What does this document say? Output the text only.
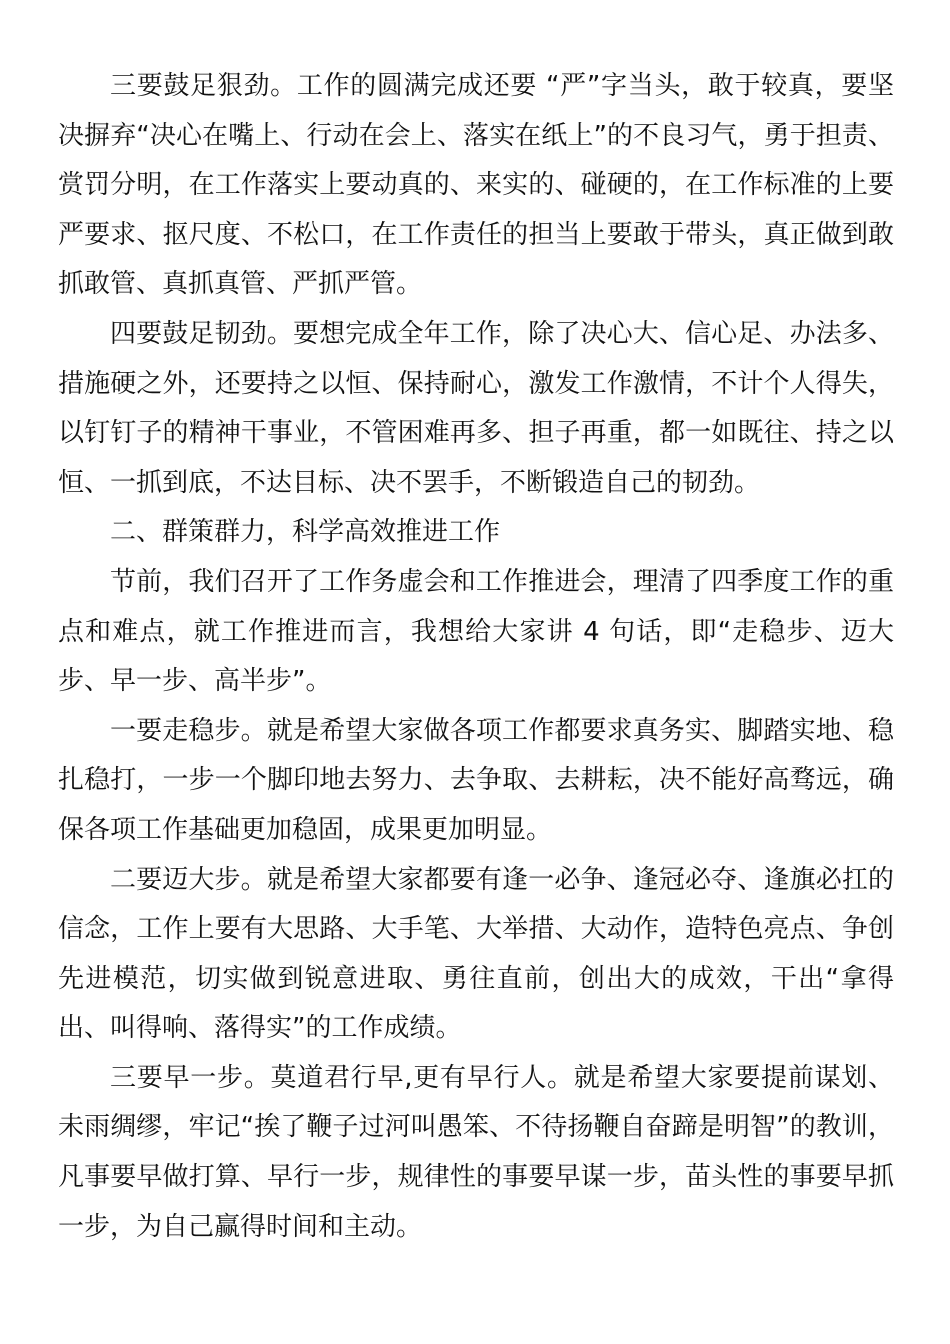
三要鼓足狠劲。工作的圆满完成还要 “严”字当头，敢于较真，要坚决摒弃“决心在嘴上、行动在会上、落实在纸上”的不良习气，勇于担责、赏罚分明，在工作落实上要动真的、来实的、碰硬的，在工作标准的上要严要求、抠尺度、不松口，在工作责任的担当上要敢于带头，真正做到敢抓敢管、真抓真管、严抓严管。

四要鼓足韧劲。要想完成全年工作，除了决心大、信心足、办法多、措施硬之外，还要持之以恒、保持耐心，激发工作激情，不计个人得失，以钉钉子的精神干事业，不管困难再多、担子再重，都一如既往、持之以恒、一抓到底，不达目标、决不罢手，不断锻造自己的韧劲。

二、群策群力，科学高效推进工作

节前，我们召开了工作务虚会和工作推进会，理清了四季度工作的重点和难点，就工作推进而言，我想给大家讲 4 句话，即“走稳步、迈大步、早一步、高半步”。

一要走稳步。就是希望大家做各项工作都要求真务实、脚踏实地、稳扎稳打，一步一个脚印地去努力、去争取、去耕耘，决不能好高骛远，确保各项工作基础更加稳固，成果更加明显。

二要迈大步。就是希望大家都要有逢一必争、逢冠必夺、逢旗必扛的信念，工作上要有大思路、大手笔、大举措、大动作，造特色亮点、争创先进模范，切实做到锐意进取、勇往直前，创出大的成效，干出“拿得出、叫得响、落得实”的工作成绩。

三要早一步。莫道君行早,更有早行人。就是希望大家要提前谋划、未雨绸缪，牢记“挨了鞭子过河叫愚笨、不待扬鞭自奋蹄是明智”的教训，凡事要早做打算、早行一步，规律性的事要早谋一步，苗头性的事要早抓一步，为自己赢得时间和主动。
